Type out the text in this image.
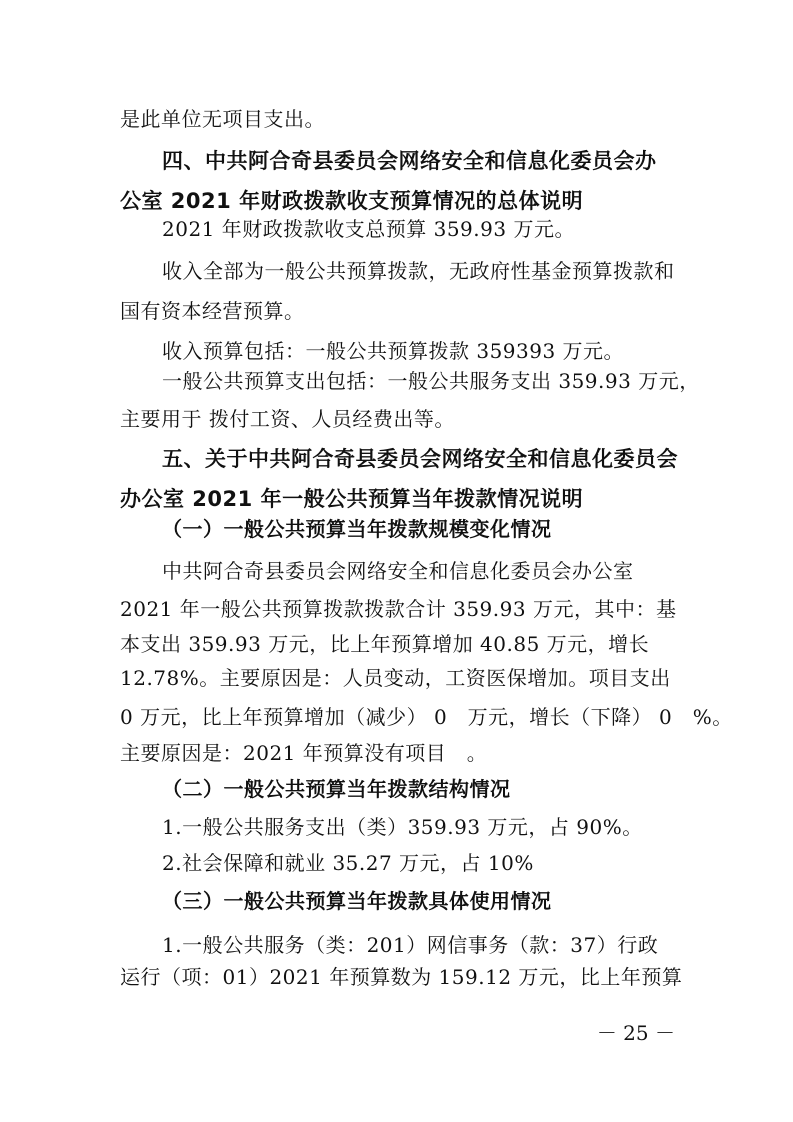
是此单位无项目支出。
四、中共阿合奇县委员会网络安全和信息化委员会办
公室 2021 年财政拨款收支预算情况的总体说明
2021 年财政拨款收支总预算 359.93 万元。
收入全部为一般公共预算拨款，无政府性基金预算拨款和
国有资本经营预算。
收入预算包括：一般公共预算拨款 359393 万元。
一般公共预算支出包括：一般公共服务支出 359.93 万元，
主要用于 拨付工资、人员经费出等。
五、关于中共阿合奇县委员会网络安全和信息化委员会
办公室 2021 年一般公共预算当年拨款情况说明
（一）一般公共预算当年拨款规模变化情况
中共阿合奇县委员会网络安全和信息化委员会办公室
2021 年一般公共预算拨款拨款合计 359.93 万元，其中：基
本支出 359.93 万元，比上年预算增加 40.85 万元，增长
12.78%。主要原因是：人员变动，工资医保增加。项目支出
0 万元，比上年预算增加（减少） 0　万元，增长（下降） 0　%。
主要原因是：2021 年预算没有项目　。
（二）一般公共预算当年拨款结构情况
1.一般公共服务支出（类）359.93 万元，占 90%。
2.社会保障和就业 35.27 万元，占 10%
（三）一般公共预算当年拨款具体使用情况
1.一般公共服务（类：201）网信事务（款：37）行政
运行（项：01）2021 年预算数为 159.12 万元，比上年预算
－ 25 －
